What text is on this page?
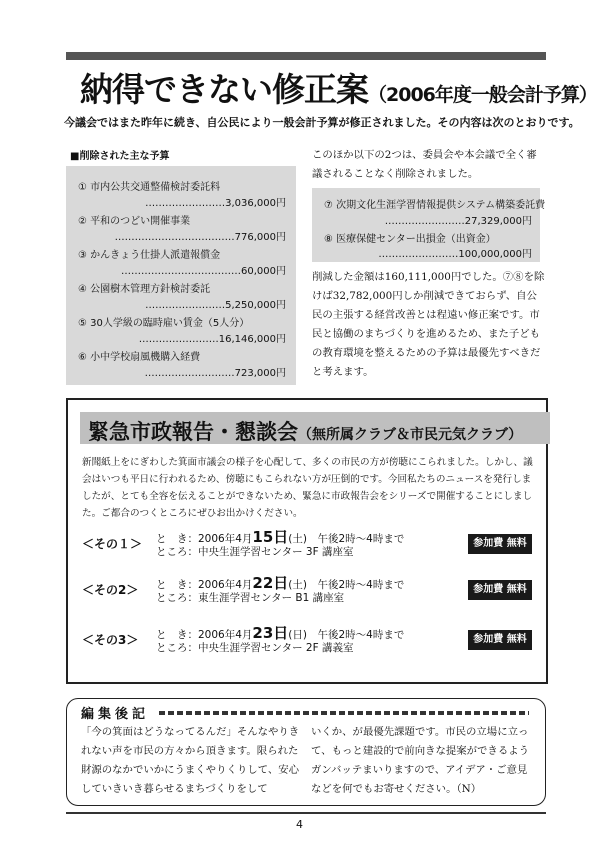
納得できない修正案（2006年度一般会計予算）
今議会ではまた昨年に続き、自公民により一般会計予算が修正されました。その内容は次のとおりです。
■削除された主な予算
① 市内公共交通整備検討委託料
……………………3,036,000円
② 平和のつどい開催事業
………………………………776,000円
③ かんきょう仕掛人派遣報償金
………………………………60,000円
④ 公園樹木管理方針検討委託
……………………5,250,000円
⑤ 30人学級の臨時雇い賃金（5人分）
……………………16,146,000円
⑥ 小中学校扇風機購入経費
………………………723,000円
このほか以下の2つは、委員会や本会議で全く審議されることなく削除されました。
⑦ 次期文化生涯学習情報提供システム構築委託費
……………………27,329,000円
⑧ 医療保健センター出損金（出資金）
……………………100,000,000円
削減した金額は160,111,000円でした。⑦⑧を除けば32,782,000円しか削減できておらず、自公民の主張する経営改善とは程遠い修正案です。市民と協働のまちづくりを進めるため、また子どもの教育環境を整えるための予算は最優先すべきだと考えます。
緊急市政報告・懇談会（無所属クラブ＆市民元気クラブ）
新聞紙上をにぎわした箕面市議会の様子を心配して、多くの市民の方が傍聴にこられました。しかし、議会はいつも平日に行われるため、傍聴にもこられない方が圧倒的です。今回私たちのニュースを発行しましたが、とても全容を伝えることができないため、緊急に市政報告会をシリーズで開催することにしました。ご都合のつくところにぜひお出かけください。
＜その１＞ と　き：2006年4月15日(土)　午後2時～4時まで
ところ：中央生涯学習センター 3F 講座室
参加費 無料
＜その2＞ と　き：2006年4月22日(土)　午後2時～4時まで
ところ：東生涯学習センター B1 講座室
参加費 無料
＜その3＞ と　き：2006年4月23日(日)　午後2時～4時まで
ところ：中央生涯学習センター 2F 講義室
参加費 無料
編集後記
「今の箕面はどうなってるんだ」そんなやりきれない声を市民の方々から頂きます。限られた財源のなかでいかにうまくやりくりして、安心していきいき暮らせるまちづくりをして
いくか、が最優先課題です。市民の立場に立って、もっと建設的で前向きな提案ができるようガンバッテまいりますので、アイデア・ご意見などを何でもお寄せください。（N）
4
